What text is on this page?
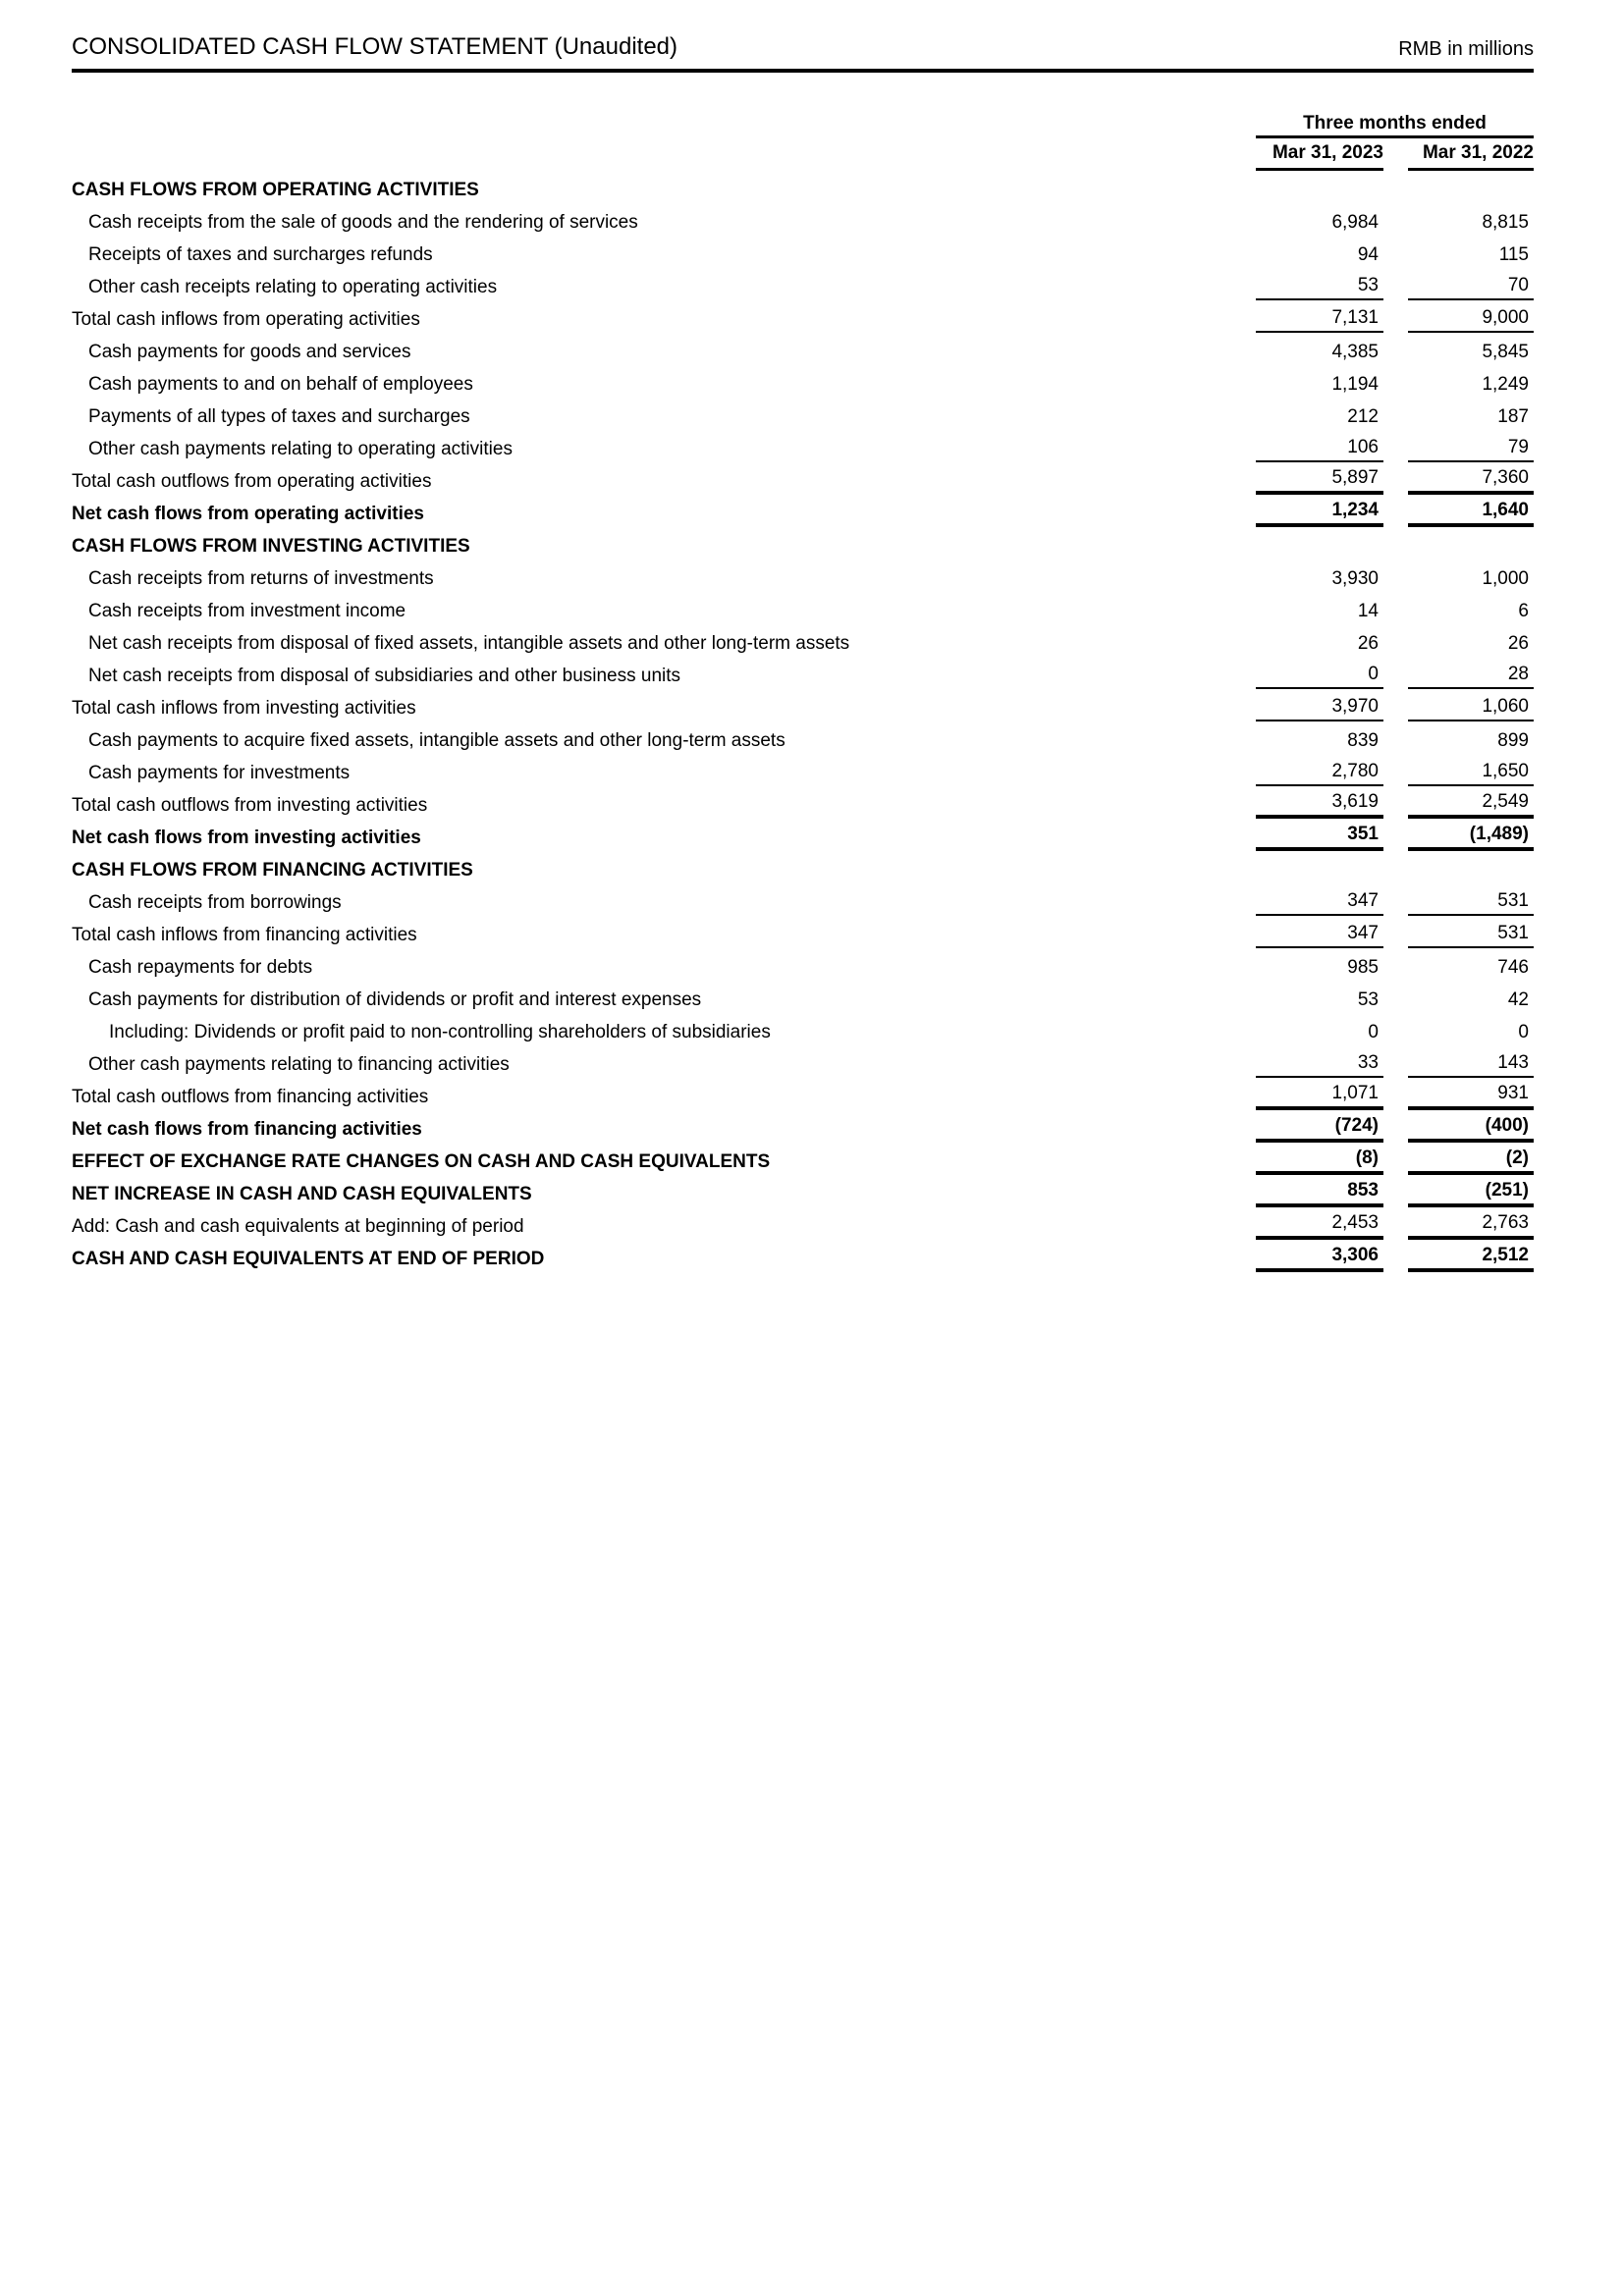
CONSOLIDATED CASH FLOW STATEMENT (Unaudited)	RMB in millions
Three months ended
Mar 31, 2023	Mar 31, 2022
CASH FLOWS FROM OPERATING ACTIVITIES
Cash receipts from the sale of goods and the rendering of services	6,984	8,815
Receipts of taxes and surcharges refunds	94	115
Other cash receipts relating to operating activities	53	70
Total cash inflows from operating activities	7,131	9,000
Cash payments for goods and services	4,385	5,845
Cash payments to and on behalf of employees	1,194	1,249
Payments of all types of taxes and surcharges	212	187
Other cash payments relating to operating activities	106	79
Total cash outflows from operating activities	5,897	7,360
Net cash flows from operating activities	1,234	1,640
CASH FLOWS FROM INVESTING ACTIVITIES
Cash receipts from returns of investments	3,930	1,000
Cash receipts from investment income	14	6
Net cash receipts from disposal of fixed assets, intangible assets and other long-term assets	26	26
Net cash receipts from disposal of subsidiaries and other business units	0	28
Total cash inflows from investing activities	3,970	1,060
Cash payments to acquire fixed assets, intangible assets and other long-term assets	839	899
Cash payments for investments	2,780	1,650
Total cash outflows from investing activities	3,619	2,549
Net cash flows from investing activities	351	(1,489)
CASH FLOWS FROM FINANCING ACTIVITIES
Cash receipts from borrowings	347	531
Total cash inflows from financing activities	347	531
Cash repayments for debts	985	746
Cash payments for distribution of dividends or profit and interest expenses	53	42
Including: Dividends or profit paid to non-controlling shareholders of subsidiaries	0	0
Other cash payments relating to financing activities	33	143
Total cash outflows from financing activities	1,071	931
Net cash flows from financing activities	(724)	(400)
EFFECT OF EXCHANGE RATE CHANGES ON CASH AND CASH EQUIVALENTS	(8)	(2)
NET INCREASE IN CASH AND CASH EQUIVALENTS	853	(251)
Add: Cash and cash equivalents at beginning of period	2,453	2,763
CASH AND CASH EQUIVALENTS AT END OF PERIOD	3,306	2,512
